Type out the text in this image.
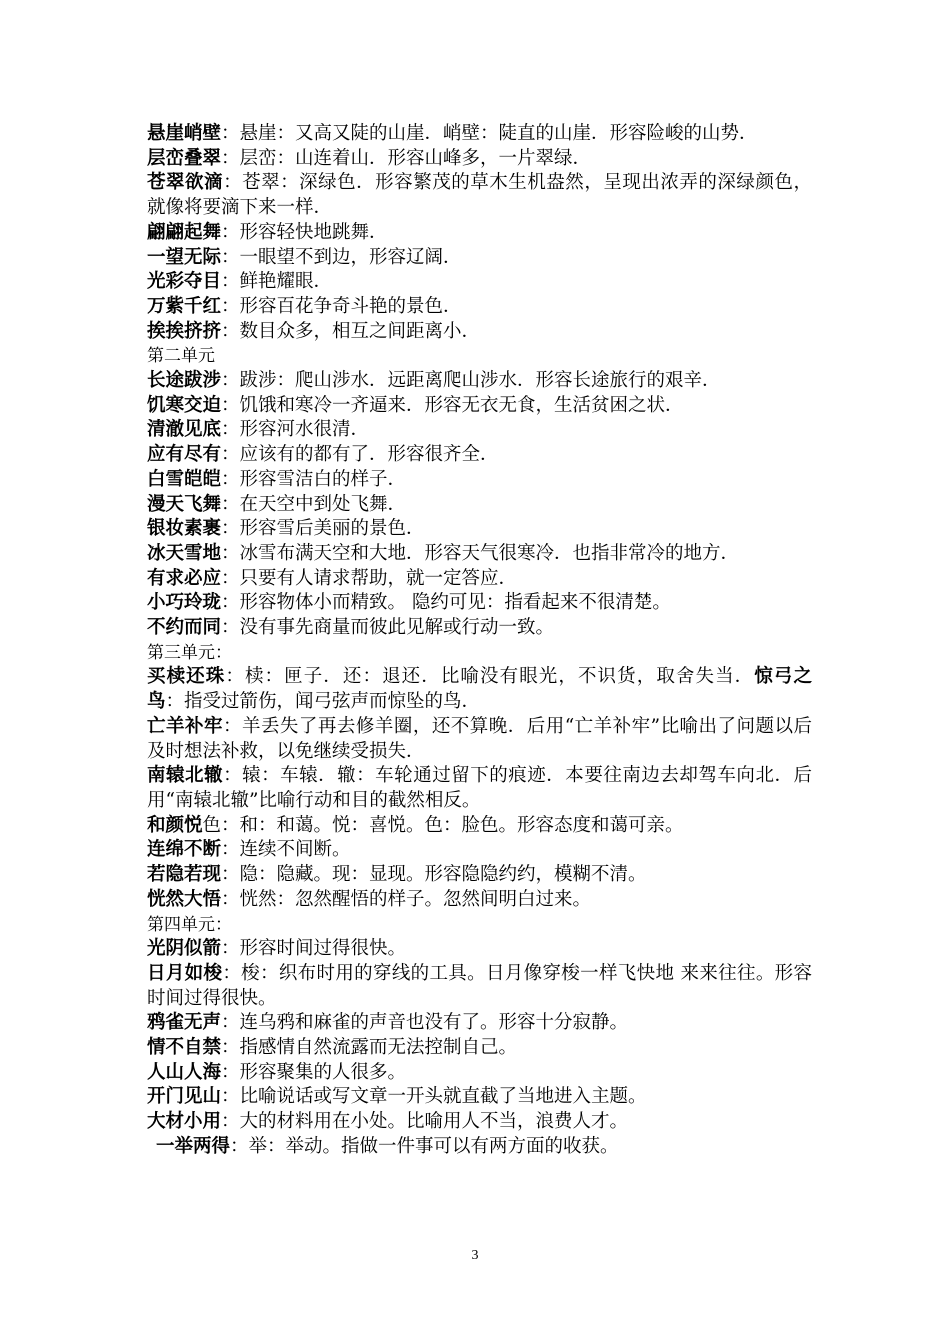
悬崖峭壁：悬崖：又高又陡的山崖．峭壁：陡直的山崖．形容险峻的山势．

层峦叠翠：层峦：山连着山．形容山峰多，一片翠绿．

苍翠欲滴：苍翠：深绿色．形容繁茂的草木生机盎然，呈现出浓弄的深绿颜色，就像将要滴下来一样．

翩翩起舞：形容轻快地跳舞．

一望无际：一眼望不到边，形容辽阔．

光彩夺目：鲜艳耀眼．

万紫千红：形容百花争奇斗艳的景色．

挨挨挤挤：数目众多，相互之间距离小．

第二单元

长途跋涉：跋涉：爬山涉水．远距离爬山涉水．形容长途旅行的艰辛．

饥寒交迫：饥饿和寒冷一齐逼来．形容无衣无食，生活贫困之状．

清澈见底：形容河水很清．

应有尽有：应该有的都有了．形容很齐全．

白雪皑皑：形容雪洁白的样子．

漫天飞舞：在天空中到处飞舞．

银妆素裹：形容雪后美丽的景色．

冰天雪地：冰雪布满天空和大地．形容天气很寒冷．也指非常冷的地方．

有求必应：只要有人请求帮助，就一定答应．

小巧玲珑：形容物体小而精致。 隐约可见：指看起来不很清楚。

不约而同：没有事先商量而彼此见解或行动一致。

第三单元：

买椟还珠：椟：匣子．还：退还．比喻没有眼光，不识货，取舍失当．惊弓之鸟：指受过箭伤，闻弓弦声而惊坠的鸟．

亡羊补牢：羊丢失了再去修羊圈，还不算晚．后用“亡羊补牢”比喻出了问题以后及时想法补救，以免继续受损失．

南辕北辙：辕：车辕．辙：车轮通过留下的痕迹．本要往南边去却驾车向北．后用“南辕北辙”比喻行动和目的截然相反。

和颜悦色：和：和蔼。悦：喜悦。色：脸色。形容态度和蔼可亲。

连绵不断：连续不间断。

若隐若现：隐：隐藏。现：显现。形容隐隐约约，模糊不清。

恍然大悟：恍然：忽然醒悟的样子。忽然间明白过来。

第四单元：

光阴似箭：形容时间过得很快。

日月如梭：梭：织布时用的穿线的工具。日月像穿梭一样飞快地 来来往往。形容时间过得很快。

鸦雀无声：连乌鸦和麻雀的声音也没有了。形容十分寂静。

情不自禁：指感情自然流露而无法控制自己。

人山人海：形容聚集的人很多。

开门见山：比喻说话或写文章一开头就直截了当地进入主题。

大材小用：大的材料用在小处。比喻用人不当，浪费人才。

一举两得：举：举动。指做一件事可以有两方面的收获。

3
